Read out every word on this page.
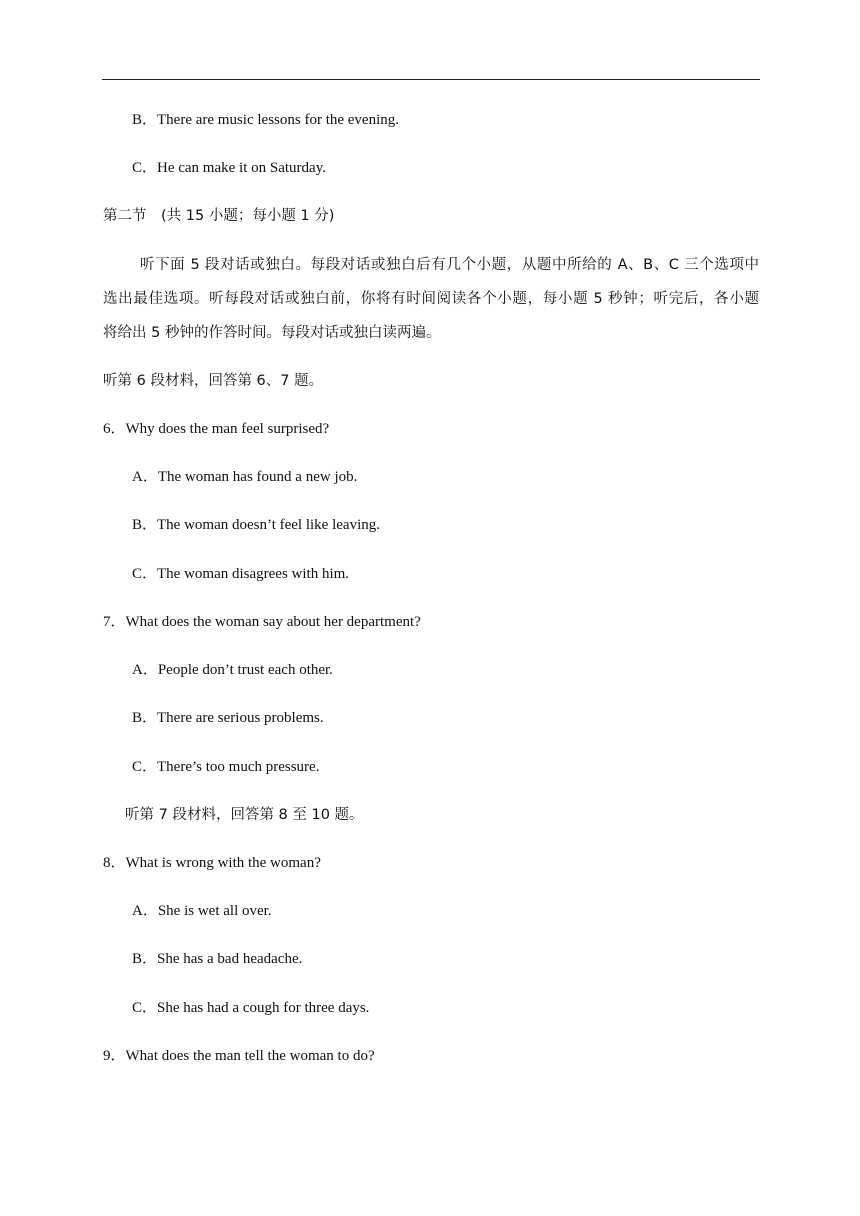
B．There are music lessons for the evening.
C．He can make it on Saturday.
第二节　(共 15 小题；每小题 1 分)
听下面 5 段对话或独白。每段对话或独白后有几个小题，从题中所给的 A、B、C 三个选项中
选出最佳选项。听每段对话或独白前，你将有时间阅读各个小题，每小题 5 秒钟；听完后，各小题
将给出 5 秒钟的作答时间。每段对话或独白读两遍。
听第 6 段材料，回答第 6、7 题。
6．Why does the man feel surprised?
A．The woman has found a new job.
B．The woman doesn’t feel like leaving.
C．The woman disagrees with him.
7．What does the woman say about her department?
A．People don’t trust each other.
B．There are serious problems.
C．There’s too much pressure.
听第 7 段材料，回答第 8 至 10 题。
8．What is wrong with the woman?
A．She is wet all over.
B．She has a bad headache.
C．She has had a cough for three days.
9．What does the man tell the woman to do?
